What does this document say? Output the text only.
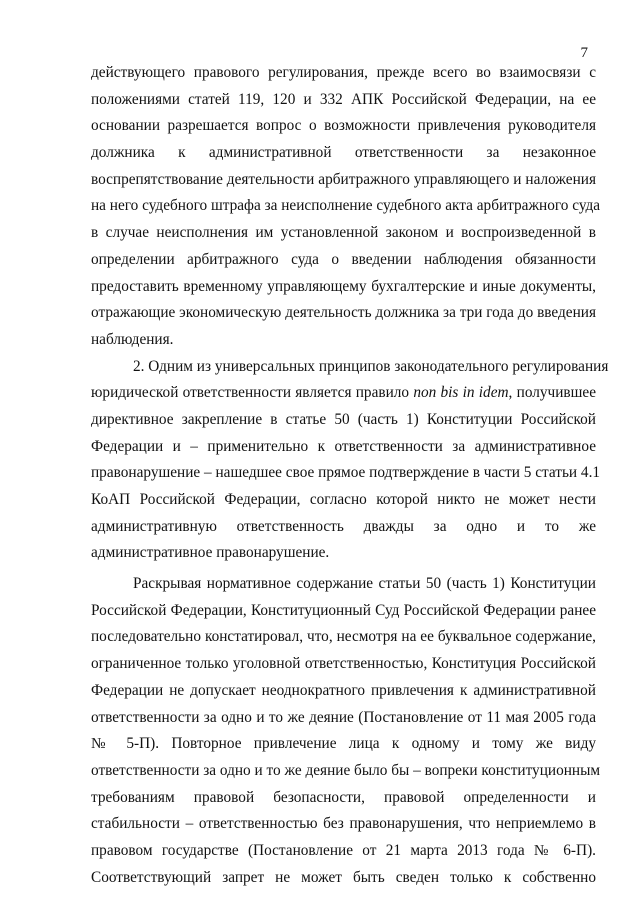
7
действующего правового регулирования, прежде всего во взаимосвязи с
положениями статей 119, 120 и 332 АПК Российской Федерации, на ее
основании разрешается вопрос о возможности привлечения руководителя
должника к административной ответственности за незаконное
воспрепятствование деятельности арбитражного управляющего и наложения
на него судебного штрафа за неисполнение судебного акта арбитражного суда
в случае неисполнения им установленной законом и воспроизведенной в
определении арбитражного суда о введении наблюдения обязанности
предоставить временному управляющему бухгалтерские и иные документы,
отражающие экономическую деятельность должника за три года до введения
наблюдения.
2. Одним из универсальных принципов законодательного регулирования
юридической ответственности является правило non bis in idem, получившее
директивное закрепление в статье 50 (часть 1) Конституции Российской
Федерации и – применительно к ответственности за административное
правонарушение – нашедшее свое прямое подтверждение в части 5 статьи 4.1
КоАП Российской Федерации, согласно которой никто не может нести
административную ответственность дважды за одно и то же
административное правонарушение.
Раскрывая нормативное содержание статьи 50 (часть 1) Конституции
Российской Федерации, Конституционный Суд Российской Федерации ранее
последовательно констатировал, что, несмотря на ее буквальное содержание,
ограниченное только уголовной ответственностью, Конституция Российской
Федерации не допускает неоднократного привлечения к административной
ответственности за одно и то же деяние (Постановление от 11 мая 2005 года
№ 5-П). Повторное привлечение лица к одному и тому же виду
ответственности за одно и то же деяние было бы – вопреки конституционным
требованиям правовой безопасности, правовой определенности и
стабильности – ответственностью без правонарушения, что неприемлемо в
правовом государстве (Постановление от 21 марта 2013 года № 6-П).
Соответствующий запрет не может быть сведен только к собственно
